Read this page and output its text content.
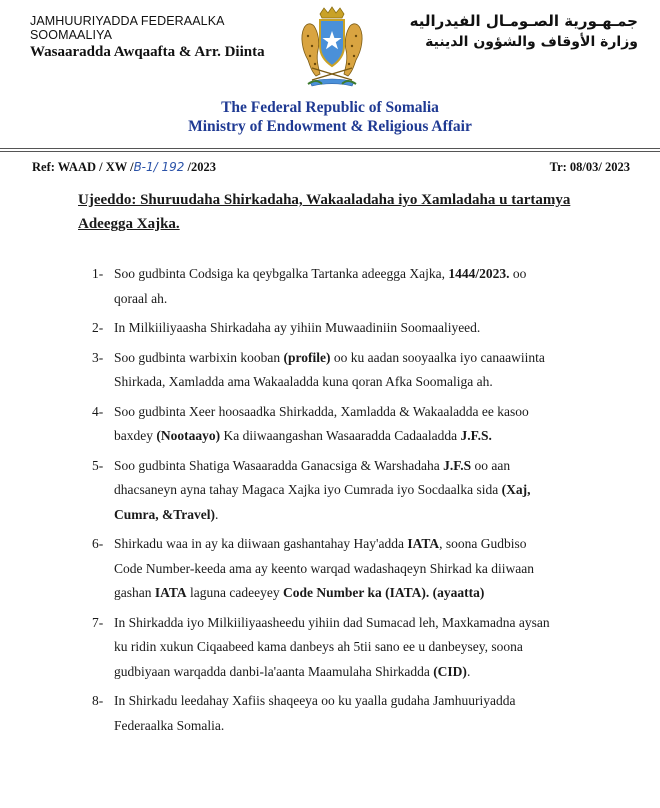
JAMHUURIYADDA FEDERAALKA SOOMAALIYA
Wasaaradda Awqaafta & Arr. Diinta
جمـهـورية الصـومـال الفيدراليه
وزارة الأوقاف والشؤون الدينية
The Federal Republic of Somalia
Ministry of Endowment & Religious Affair
Ref: WAAD / XW /B-1/ 192 /2023	Tr: 08/03/ 2023
Ujeeddo: Shuruudaha Shirkadaha, Wakaaladaha iyo Xamladaha u tartamya
Adeegga Xajka.
1- Soo gudbinta Codsiga ka qeybgalka Tartanka adeegga Xajka, 1444/2023. oo
qoraal ah.
2- In Milkiiliyaasha Shirkadaha ay yihiin Muwaadiniin Soomaaliyeed.
3- Soo gudbinta warbixin kooban (profile) oo ku aadan sooyaalka iyo canaawiinta
Shirkada, Xamladda ama Wakaaladda kuna qoran Afka Soomaliga ah.
4- Soo gudbinta Xeer hoosaadka Shirkadda, Xamladda & Wakaaladda ee kasoo
baxdey (Nootaayo) Ka diiwaangashan Wasaaradda Cadaaladda J.F.S.
5- Soo gudbinta Shatiga Wasaaradda Ganacsiga & Warshadaha J.F.S oo aan
dhacsaneyn ayna tahay Magaca Xajka iyo Cumrada iyo Socdaalka sida (Xaj,
Cumra, &Travel).
6- Shirkadu waa in ay ka diiwaan gashantahay Hay'adda IATA, soona Gudbiso
Code Number-keeda ama ay keento warqad wadashaqeyn Shirkad ka diiwaan
gashan IATA laguna cadeeyey Code Number ka (IATA). (ayaatta)
7- In Shirkadda iyo Milkiiliyaasheedu yihiin dad Sumacad leh, Maxkamadna aysan
ku ridin xukun Ciqaabeed kama danbeys ah 5tii sano ee u danbeysey, soona
gudbiyaan warqadda danbi-la'aanta Maamulaha Shirkadda (CID).
8- In Shirkadu leedahay Xafiis shaqeeya oo ku yaalla gudaha Jamhuuriyadda
Federaalka Somalia.
